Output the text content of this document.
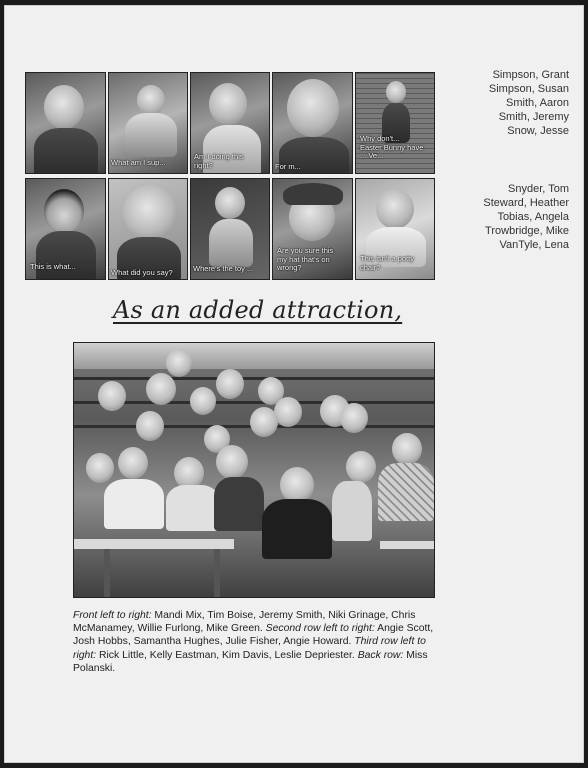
What am I sup...
Am I doing this right?	For m...
Why don't...
Easter Bunny have
... Ve...
This is what...
What did you say?	Where's the toy ...
Are you sure this
my hat that's on
wrong?
This isn't a potty
chair?
Simpson, Grant
Simpson, Susan
Smith, Aaron
Smith, Jeremy
Snow, Jesse
Snyder, Tom
Steward, Heather
Tobias, Angela
Trowbridge, Mike
VanTyle, Lena
As an added attraction,
Front left to right: Mandi Mix, Tim Boise, Jeremy Smith, Niki Grinage, Chris McManamey, Willie Furlong, Mike Green. Second row left to right: Angie Scott, Josh Hobbs, Samantha Hughes, Julie Fisher, Angie Howard. Third row left to right: Rick Little, Kelly Eastman, Kim Davis, Leslie Depriester. Back row: Miss Polanski.
